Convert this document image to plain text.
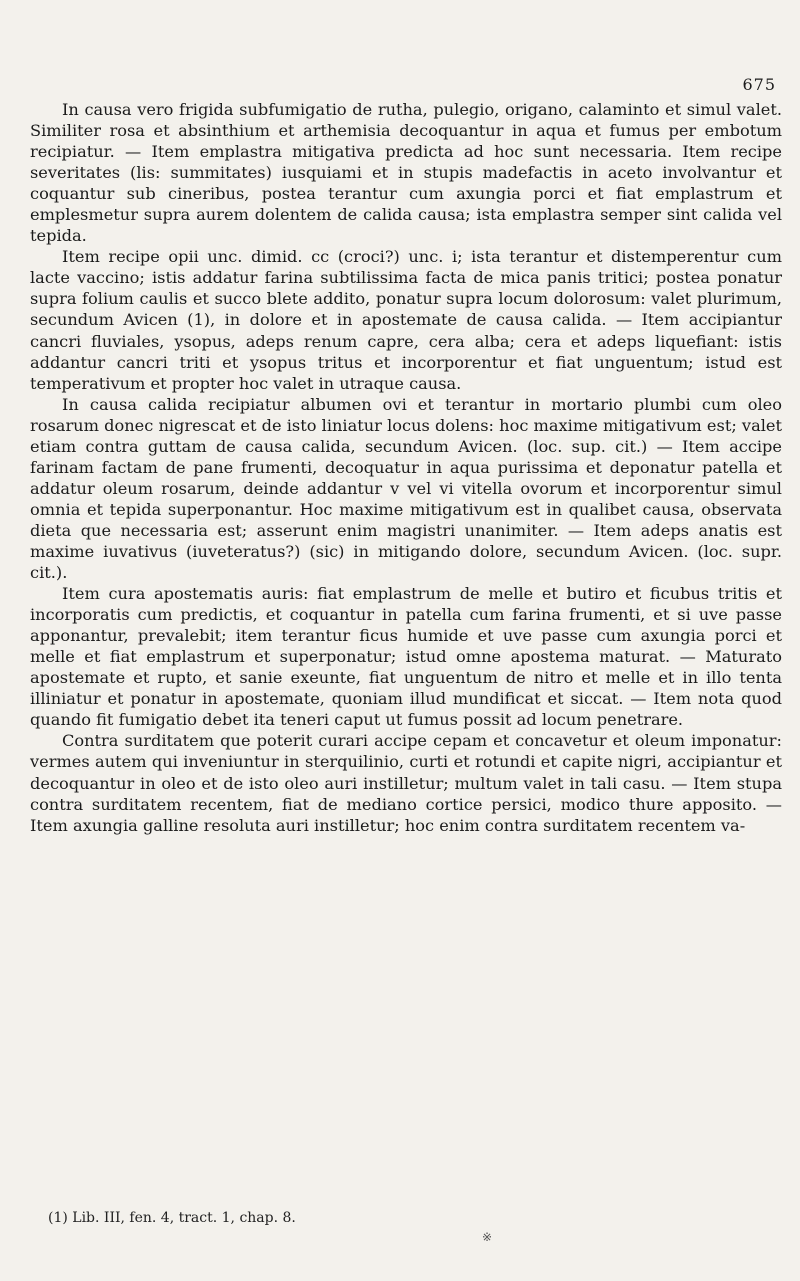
675

In causa vero frigida subfumigatio de rutha, pulegio, origano, calaminto et simul valet. Similiter rosa et absinthium et arthemisia decoquantur in aqua et fumus per embotum recipiatur. — Item emplastra mitigativa predicta ad hoc sunt necessaria. Item recipe severitates (lis: summitates) iusquiami et in stupis madefactis in aceto involvantur et coquantur sub cineribus, postea terantur cum axungia porci et fiat emplastrum et emplesmetur supra aurem dolentem de calida causa; ista emplastra semper sint calida vel tepida.

Item recipe opii unc. dimid. cc (croci?) unc. i; ista terantur et distemperentur cum lacte vaccino; istis addatur farina subtilissima facta de mica panis tritici; postea ponatur supra folium caulis et succo blete addito, ponatur supra locum dolorosum: valet plurimum, secundum Avicen (1), in dolore et in apostemate de causa calida. — Item accipiantur cancri fluviales, ysopus, adeps renum capre, cera alba; cera et adeps liquefiant: istis addantur cancri triti et ysopus tritus et incorporentur et fiat unguentum; istud est temperativum et propter hoc valet in utraque causa.

In causa calida recipiatur albumen ovi et terantur in mortario plumbi cum oleo rosarum donec nigrescat et de isto liniatur locus dolens: hoc maxime mitigativum est; valet etiam contra guttam de causa calida, secundum Avicen. (loc. sup. cit.) — Item accipe farinam factam de pane frumenti, decoquatur in aqua purissima et deponatur patella et addatur oleum rosarum, deinde addantur v vel vi vitella ovorum et incorporentur simul omnia et tepida superponantur. Hoc maxime mitigativum est in qualibet causa, observata dieta que necessaria est; asserunt enim magistri unanimiter. — Item adeps anatis est maxime iuvativus (iuveteratus?) (sic) in mitigando dolore, secundum Avicen. (loc. supr. cit.).

Item cura apostematis auris: fiat emplastrum de melle et butiro et ficubus tritis et incorporatis cum predictis, et coquantur in patella cum farina frumenti, et si uve passe apponantur, prevalebit; item terantur ficus humide et uve passe cum axungia porci et melle et fiat emplastrum et superponatur; istud omne apostema maturat. — Maturato apostemate et rupto, et sanie exeunte, fiat unguentum de nitro et melle et in illo tenta illiniatur et ponatur in apostemate, quoniam illud mundificat et siccat. — Item nota quod quando fit fumigatio debet ita teneri caput ut fumus possit ad locum penetrare.

Contra surditatem que poterit curari accipe cepam et concavetur et oleum imponatur: vermes autem qui inveniuntur in sterquilinio, curti et rotundi et capite nigri, accipiantur et decoquantur in oleo et de isto oleo auri instilletur; multum valet in tali casu. — Item stupa contra surditatem recentem, fiat de mediano cortice persici, modico thure apposito. — Item axungia galline resoluta auri instilletur; hoc enim contra surditatem recentem va-

(1) Lib. III, fen. 4, tract. 1, chap. 8.
※
